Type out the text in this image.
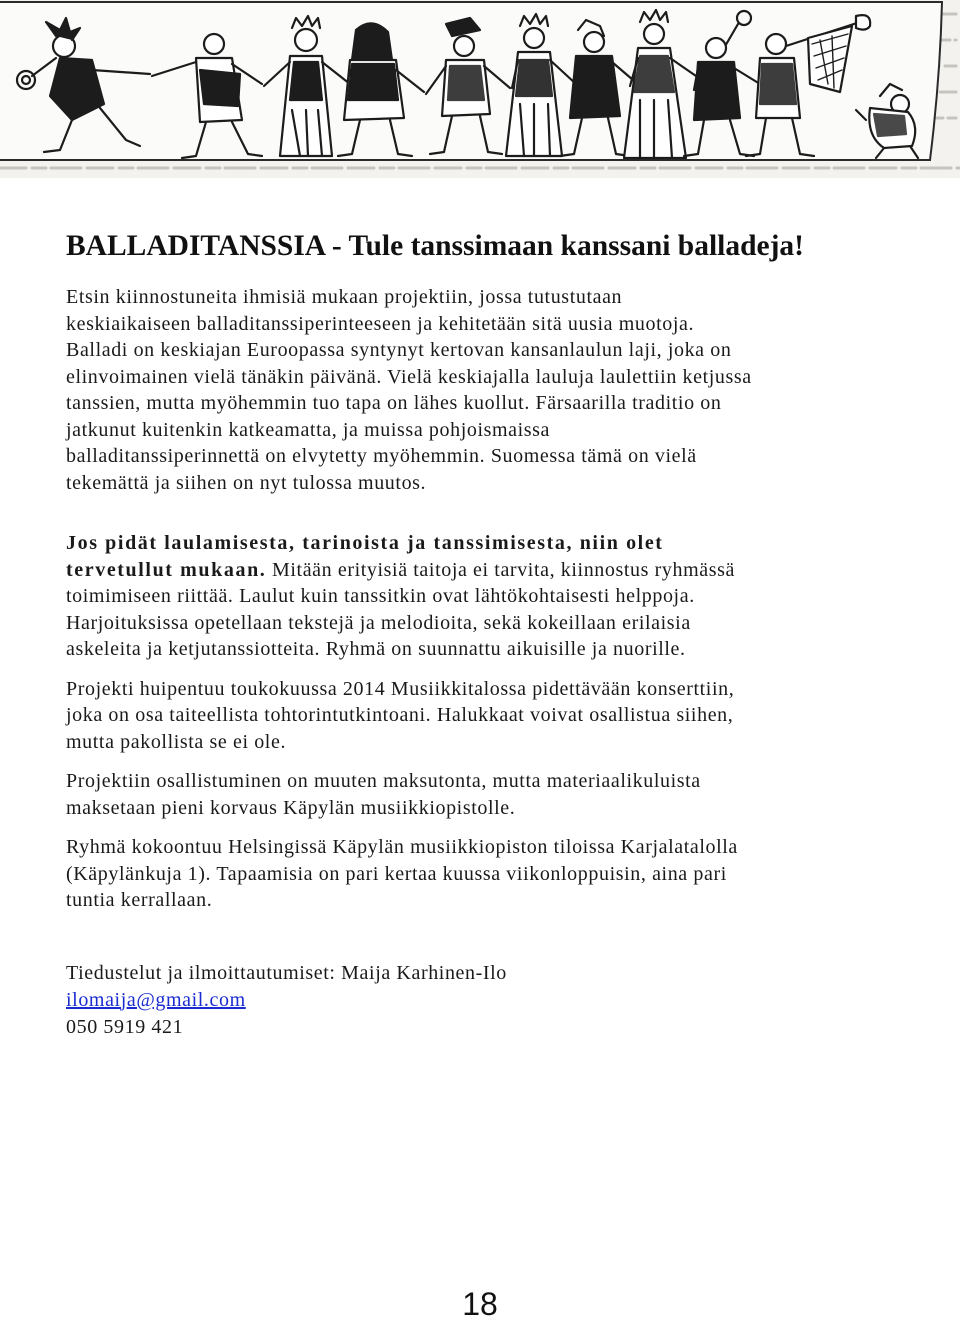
BALLADITANSSIA - Tule tanssimaan kanssani balladeja!
Etsin kiinnostuneita ihmisiä mukaan projektiin, jossa tutustutaan
keskiaikaiseen balladitanssiperinteeseen ja kehitetään sitä uusia muotoja.
Balladi on keskiajan Euroopassa syntynyt kertovan kansanlaulun laji, joka on
elinvoimainen vielä tänäkin päivänä. Vielä keskiajalla lauluja laulettiin ketjussa
tanssien, mutta myöhemmin tuo tapa on lähes kuollut. Färsaarilla traditio on
jatkunut kuitenkin katkeamatta, ja muissa pohjoismaissa
balladitanssiperinnettä on elvytetty myöhemmin. Suomessa tämä on vielä
tekemättä ja siihen on nyt tulossa muutos.
Jos pidät laulamisesta, tarinoista ja tanssimisesta, niin olet
tervetullut mukaan. Mitään erityisiä taitoja ei tarvita, kiinnostus ryhmässä
toimimiseen riittää. Laulut kuin tanssitkin ovat lähtökohtaisesti helppoja.
Harjoituksissa opetellaan tekstejä ja melodioita, sekä kokeillaan erilaisia
askeleita ja ketjutanssiotteita. Ryhmä on suunnattu aikuisille ja nuorille.
Projekti huipentuu toukokuussa 2014 Musiikkitalossa pidettävään konserttiin,
joka on osa taiteellista tohtorintutkintoani. Halukkaat voivat osallistua siihen,
mutta pakollista se ei ole.
Projektiin osallistuminen on muuten maksutonta, mutta materiaalikuluista
maksetaan pieni korvaus Käpylän musiikkiopistolle.
Ryhmä kokoontuu Helsingissä Käpylän musiikkiopiston tiloissa Karjalatalolla
(Käpylänkuja 1). Tapaamisia on pari kertaa kuussa viikonloppuisin, aina pari
tuntia kerrallaan.
Tiedustelut ja ilmoittautumiset: Maija Karhinen-Ilo
ilomaija@gmail.com
050 5919 421
18
